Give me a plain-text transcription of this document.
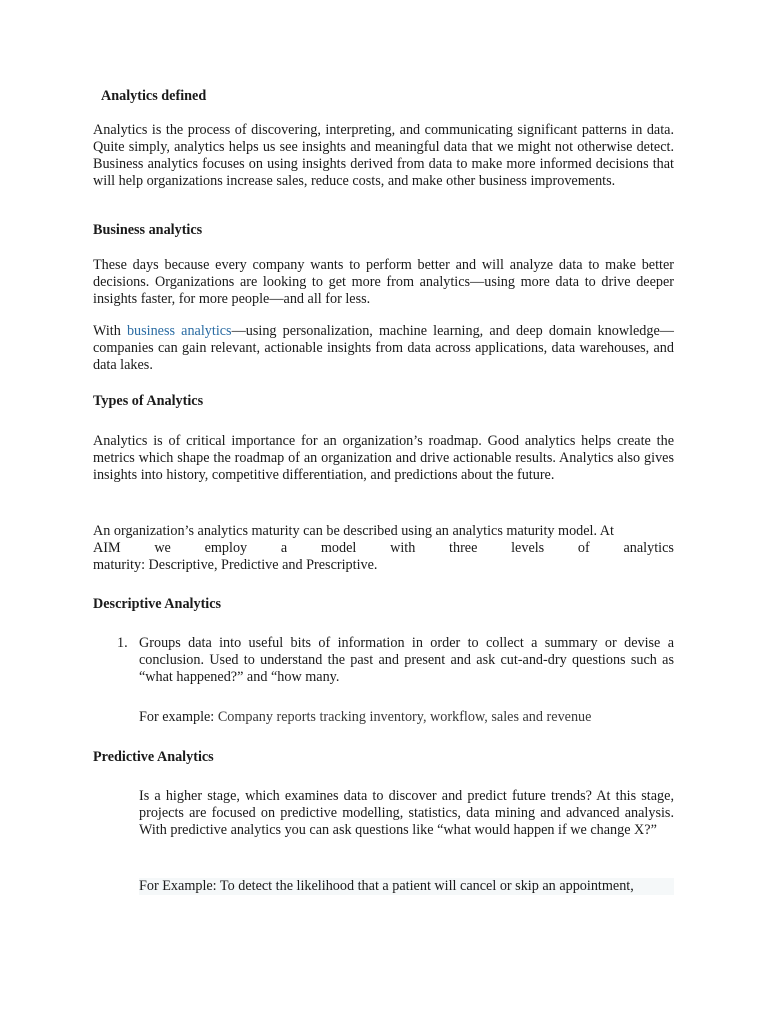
Analytics defined

Analytics is the process of discovering, interpreting, and communicating significant patterns in data. Quite simply, analytics helps us see insights and meaningful data that we might not otherwise detect. Business analytics focuses on using insights derived from data to make more informed decisions that will help organizations increase sales, reduce costs, and make other business improvements.

Business analytics

These days because every company wants to perform better and will analyze data to make better decisions. Organizations are looking to get more from analytics—using more data to drive deeper insights faster, for more people—and all for less.

With business analytics—using personalization, machine learning, and deep domain knowledge—companies can gain relevant, actionable insights from data across applications, data warehouses, and data lakes.

Types of Analytics

Analytics is of critical importance for an organization’s roadmap. Good analytics helps create the metrics which shape the roadmap of an organization and drive actionable results. Analytics also gives insights into history, competitive differentiation, and predictions about the future.

An organization’s analytics maturity can be described using an analytics maturity model. At
AIM we employ a model with three levels of analytics
maturity: Descriptive, Predictive and Prescriptive.
Descriptive Analytics
1. Groups data into useful bits of information in order to collect a summary or devise a conclusion. Used to understand the past and present and ask cut-and-dry questions such as “what happened?” and “how many.

For example: Company reports tracking inventory, workflow, sales and revenue

Predictive Analytics

Is a higher stage, which examines data to discover and predict future trends? At this stage, projects are focused on predictive modelling, statistics, data mining and advanced analysis. With predictive analytics you can ask questions like “what would happen if we change X?”

For Example: To detect the likelihood that a patient will cancel or skip an appointment,
